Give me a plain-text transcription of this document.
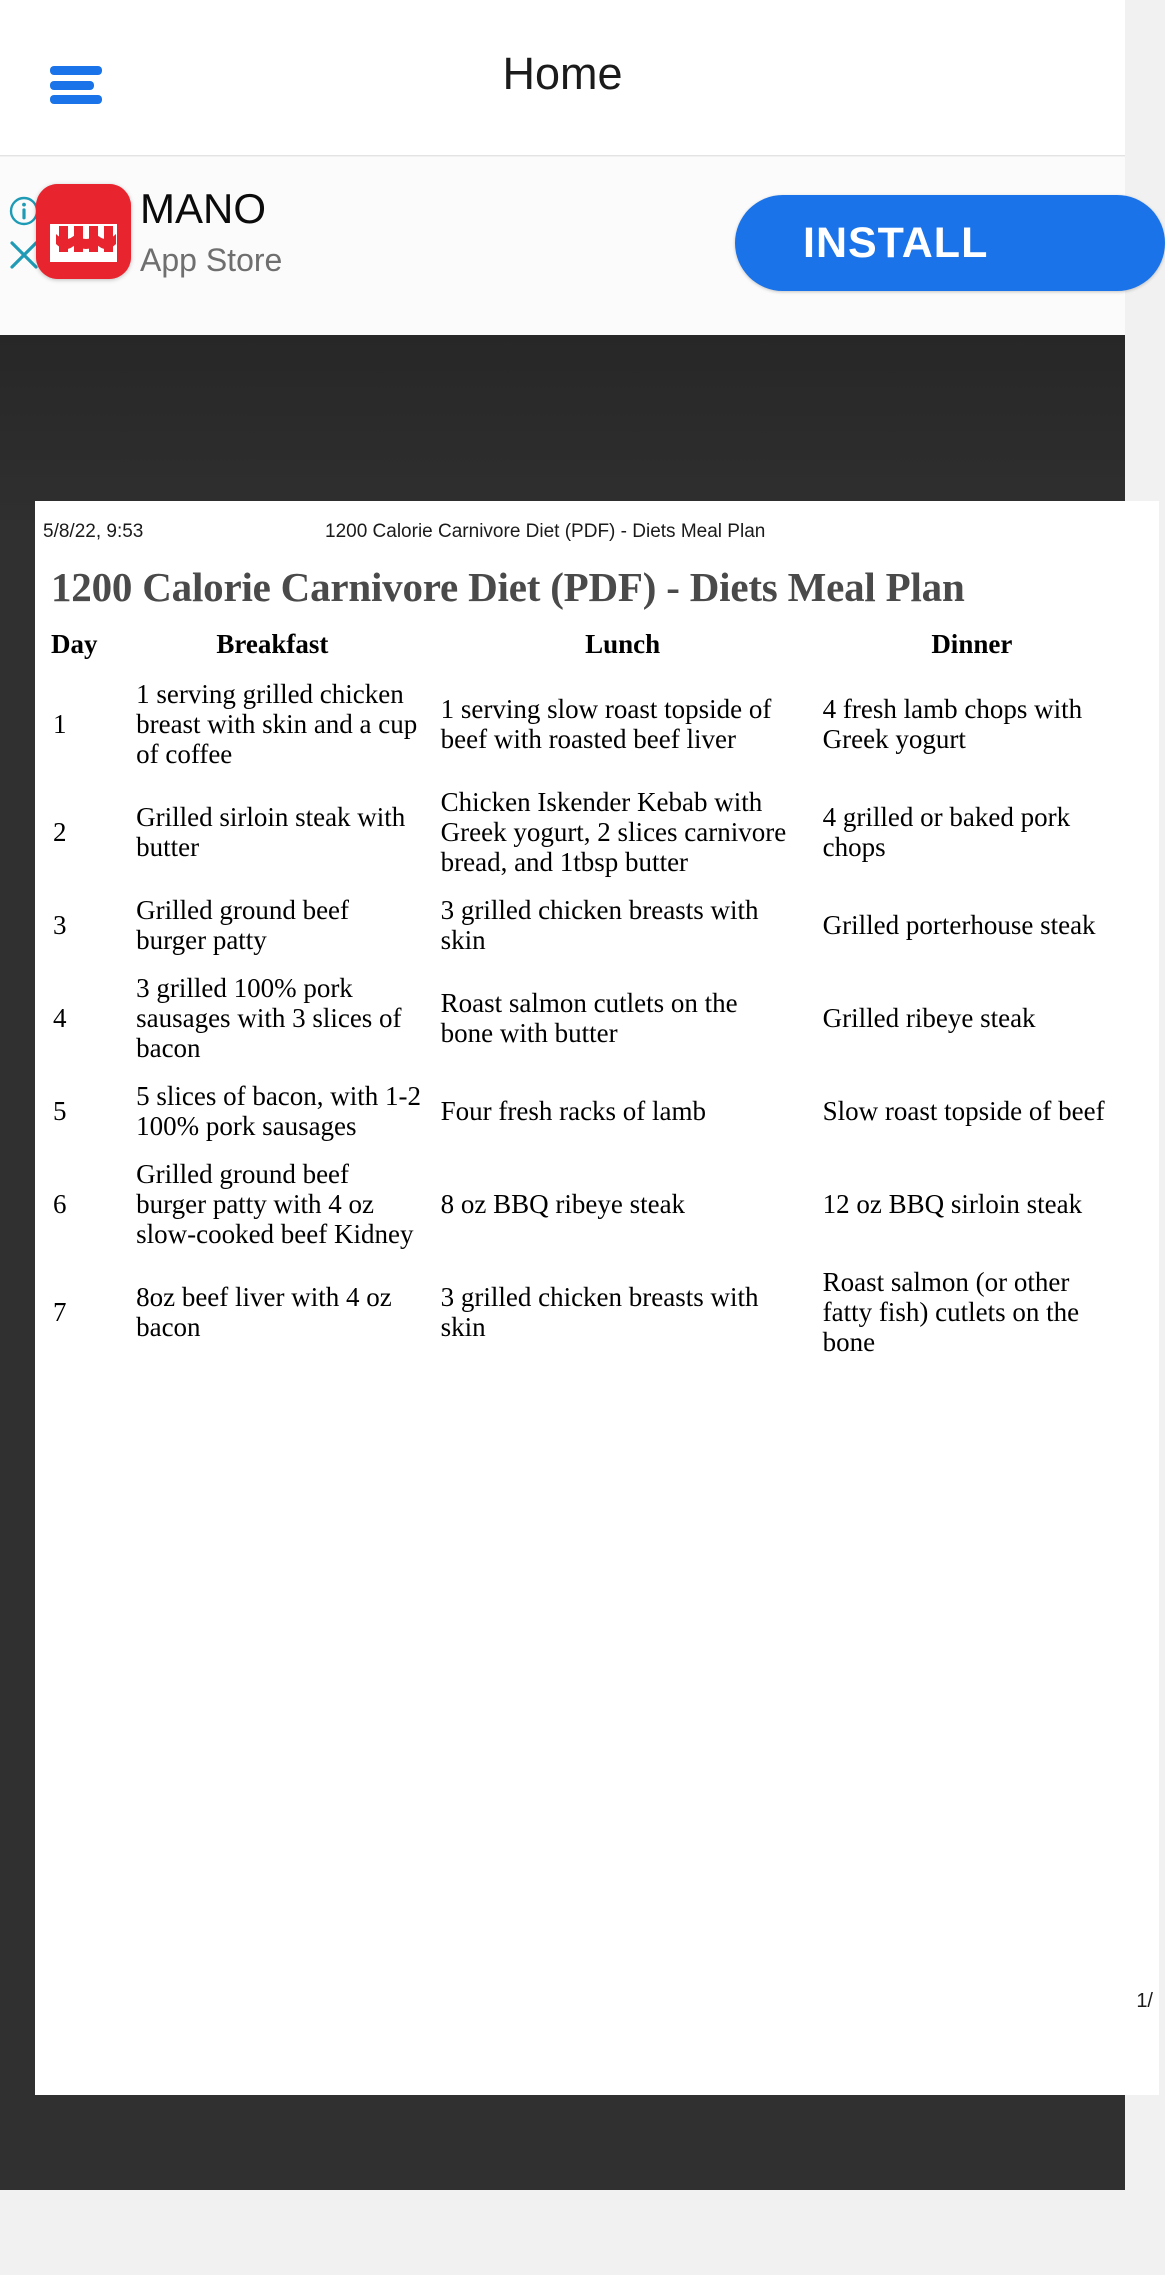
Home
MANO
App Store	INSTALL
5/8/22, 9:53	1200 Calorie Carnivore Diet (PDF) - Diets Meal Plan
1200 Calorie Carnivore Diet (PDF) - Diets Meal Plan
Day	Breakfast	Lunch	Dinner
1	1 serving grilled chicken breast with skin and a cup of coffee	1 serving slow roast topside of beef with roasted beef liver	4 fresh lamb chops with Greek yogurt
2	Grilled sirloin steak with butter	Chicken Iskender Kebab with Greek yogurt, 2 slices carnivore bread, and 1tbsp butter	4 grilled or baked pork chops
3	Grilled ground beef burger patty	3 grilled chicken breasts with skin	Grilled porterhouse steak
4	3 grilled 100% pork sausages with 3 slices of bacon	Roast salmon cutlets on the bone with butter	Grilled ribeye steak
5	5 slices of bacon, with 1-2 100% pork sausages	Four fresh racks of lamb	Slow roast topside of beef
6	Grilled ground beef burger patty with 4 oz slow-cooked beef Kidney	8 oz BBQ ribeye steak	12 oz BBQ sirloin steak
7	8oz beef liver with 4 oz bacon	3 grilled chicken breasts with skin	Roast salmon (or other fatty fish) cutlets on the bone
1/
